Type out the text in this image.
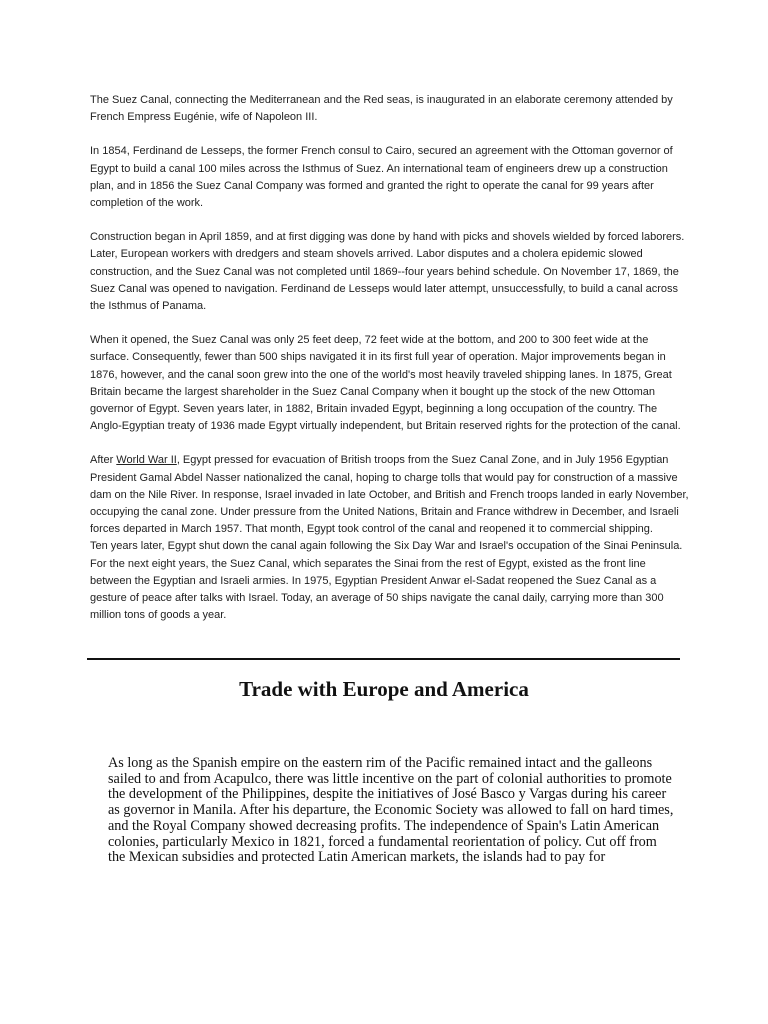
The Suez Canal, connecting the Mediterranean and the Red seas, is inaugurated in an elaborate ceremony attended by French Empress Eugénie, wife of Napoleon III.

In 1854, Ferdinand de Lesseps, the former French consul to Cairo, secured an agreement with the Ottoman governor of Egypt to build a canal 100 miles across the Isthmus of Suez. An international team of engineers drew up a construction plan, and in 1856 the Suez Canal Company was formed and granted the right to operate the canal for 99 years after completion of the work.

Construction began in April 1859, and at first digging was done by hand with picks and shovels wielded by forced laborers. Later, European workers with dredgers and steam shovels arrived. Labor disputes and a cholera epidemic slowed construction, and the Suez Canal was not completed until 1869--four years behind schedule. On November 17, 1869, the Suez Canal was opened to navigation. Ferdinand de Lesseps would later attempt, unsuccessfully, to build a canal across the Isthmus of Panama.

When it opened, the Suez Canal was only 25 feet deep, 72 feet wide at the bottom, and 200 to 300 feet wide at the surface. Consequently, fewer than 500 ships navigated it in its first full year of operation. Major improvements began in 1876, however, and the canal soon grew into the one of the world's most heavily traveled shipping lanes. In 1875, Great Britain became the largest shareholder in the Suez Canal Company when it bought up the stock of the new Ottoman governor of Egypt. Seven years later, in 1882, Britain invaded Egypt, beginning a long occupation of the country. The Anglo-Egyptian treaty of 1936 made Egypt virtually independent, but Britain reserved rights for the protection of the canal.

After World War II, Egypt pressed for evacuation of British troops from the Suez Canal Zone, and in July 1956 Egyptian President Gamal Abdel Nasser nationalized the canal, hoping to charge tolls that would pay for construction of a massive dam on the Nile River. In response, Israel invaded in late October, and British and French troops landed in early November, occupying the canal zone. Under pressure from the United Nations, Britain and France withdrew in December, and Israeli forces departed in March 1957. That month, Egypt took control of the canal and reopened it to commercial shipping.

Ten years later, Egypt shut down the canal again following the Six Day War and Israel's occupation of the Sinai Peninsula. For the next eight years, the Suez Canal, which separates the Sinai from the rest of Egypt, existed as the front line between the Egyptian and Israeli armies. In 1975, Egyptian President Anwar el-Sadat reopened the Suez Canal as a gesture of peace after talks with Israel. Today, an average of 50 ships navigate the canal daily, carrying more than 300 million tons of goods a year.

Trade with Europe and America
As long as the Spanish empire on the eastern rim of the Pacific remained intact and the galleons
sailed to and from Acapulco, there was little incentive on the part of colonial authorities to promote
the development of the Philippines, despite the initiatives of José Basco y Vargas during his career
as governor in Manila. After his departure, the Economic Society was allowed to fall on hard times,
and the Royal Company showed decreasing profits. The independence of Spain's Latin American
colonies, particularly Mexico in 1821, forced a fundamental reorientation of policy. Cut off from
the Mexican subsidies and protected Latin American markets, the islands had to pay for
